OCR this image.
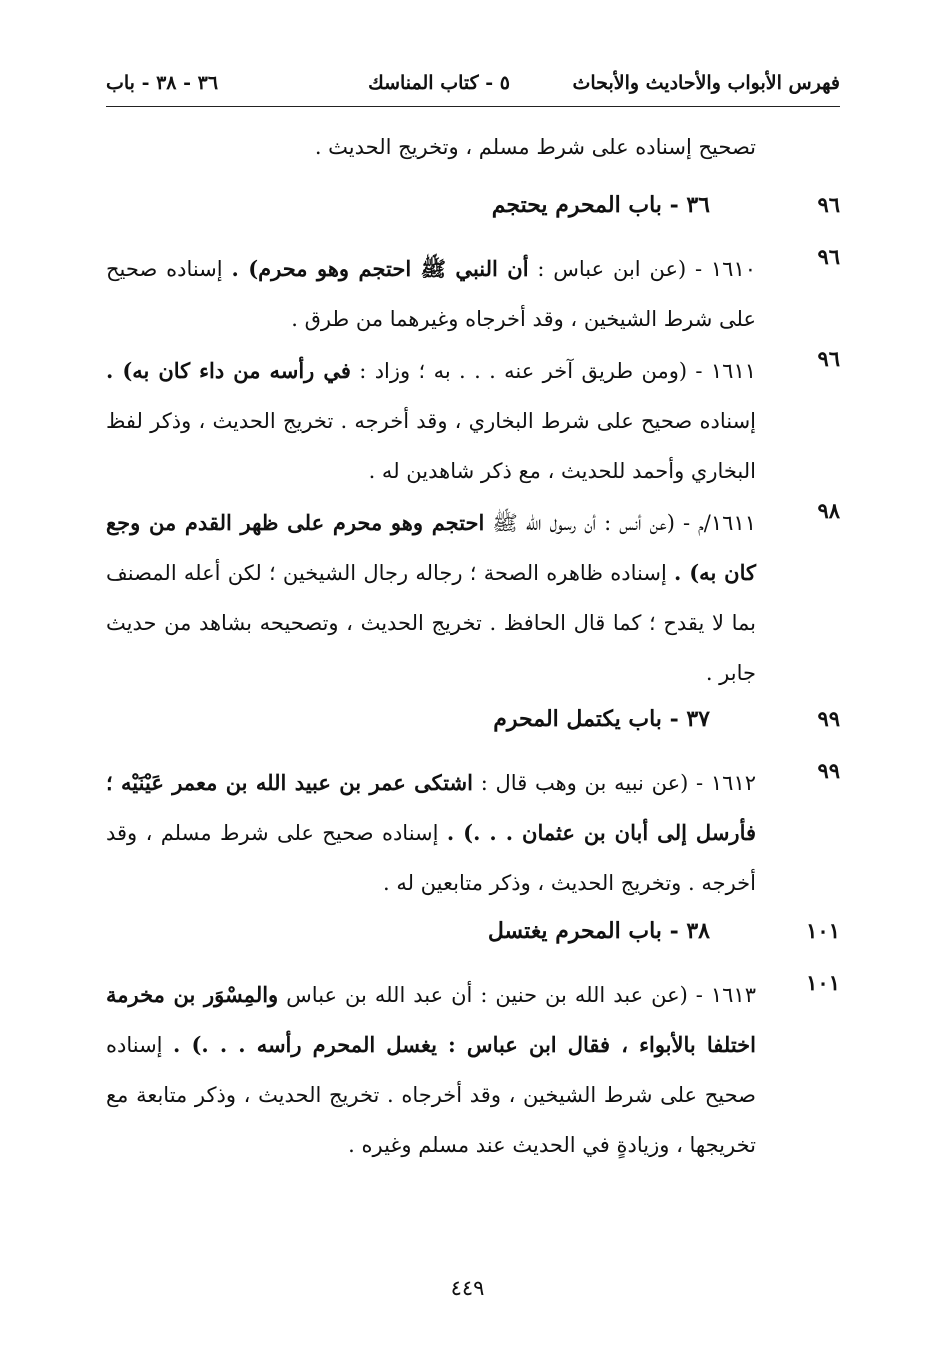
فهرس الأبواب والأحاديث والأبحاث
٥ - كتاب المناسك
٣٦ - ٣٨ - باب

تصحيح إسناده على شرط مسلم ، وتخريج الحديث .

٩٦
٣٦ - باب المحرم يحتجم
٩٦

١٦١٠ - (عن ابن عباس : أن النبي ﷺ احتجم وهو محرم) . إسناده صحيح على شرط الشيخين ، وقد أخرجاه وغيرهما من طرق .

٩٦

١٦١١ - (ومن طريق آخر عنه . . . به ؛ وزاد : في رأسه من داء كان به) . إسناده صحيح على شرط البخاري ، وقد أخرجه . تخريج الحديث ، وذكر لفظ البخاري وأحمد للحديث ، مع ذكر شاهدين له .

٩٨

١٦١١/م - (عن أنس : أن رسول الله ﷺ احتجم وهو محرم على ظهر القدم من وجع كان به) . إسناده ظاهره الصحة ؛ رجاله رجال الشيخين ؛ لكن أعله المصنف بما لا يقدح ؛ كما قال الحافظ . تخريج الحديث ، وتصحيحه بشاهد من حديث جابر .

٩٩
٣٧ - باب يكتمل المحرم
٩٩

١٦١٢ - (عن نبيه بن وهب قال : اشتكى عمر بن عبيد الله بن معمر عَيْنَيْه ؛ فأرسل إلى أبان بن عثمان . . .) . إسناده صحيح على شرط مسلم ، وقد أخرجه . وتخريج الحديث ، وذكر متابعين له .

١٠١
٣٨ - باب المحرم يغتسل
١٠١

١٦١٣ - (عن عبد الله بن حنين : أن عبد الله بن عباس والمِسْوَر بن مخرمة اختلفا بالأبواء ، فقال ابن عباس : يغسل المحرم رأسه . . .) . إسناده صحيح على شرط الشيخين ، وقد أخرجاه . تخريج الحديث ، وذكر متابعة مع تخريجها ، وزيادةٍ في الحديث عند مسلم وغيره .

٤٤٩
